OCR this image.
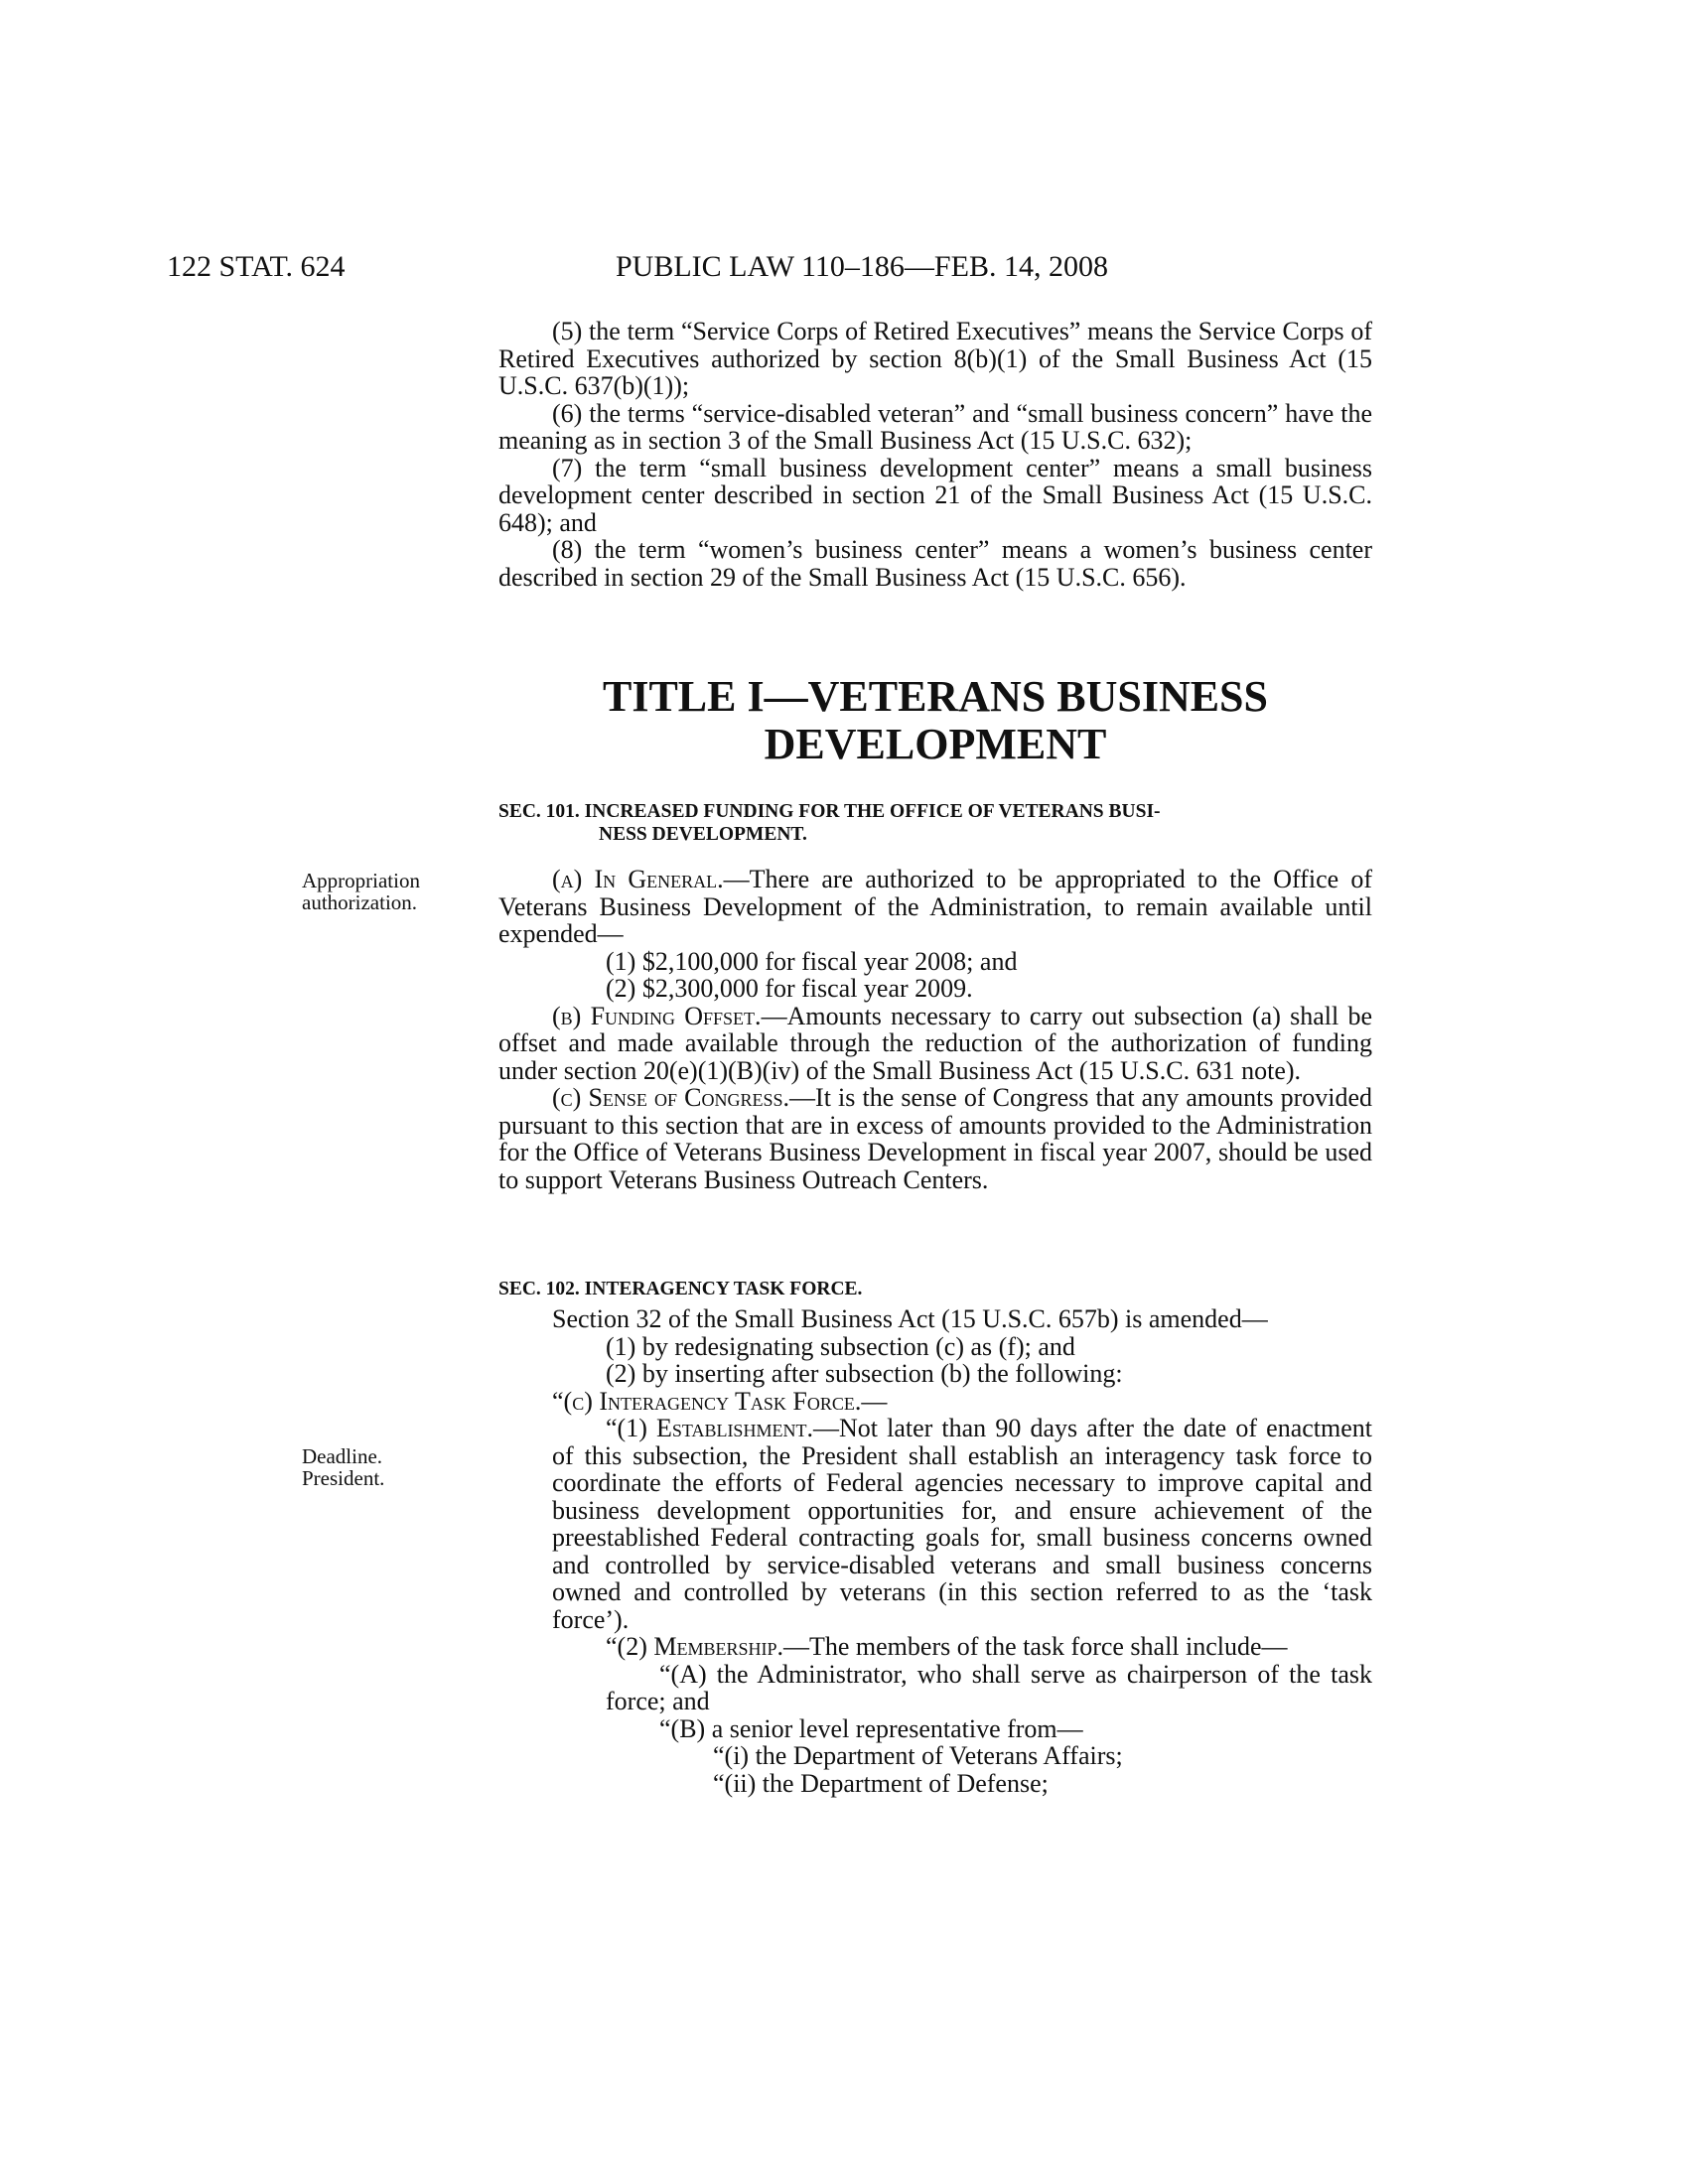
122 STAT. 624	PUBLIC LAW 110–186—FEB. 14, 2008

(5) the term “Service Corps of Retired Executives” means the Service Corps of Retired Executives authorized by section 8(b)(1) of the Small Business Act (15 U.S.C. 637(b)(1));

(6) the terms “service-disabled veteran” and “small business concern” have the meaning as in section 3 of the Small Business Act (15 U.S.C. 632);

(7) the term “small business development center” means a small business development center described in section 21 of the Small Business Act (15 U.S.C. 648); and

(8) the term “women’s business center” means a women’s business center described in section 29 of the Small Business Act (15 U.S.C. 656).

TITLE I—VETERANS BUSINESS
DEVELOPMENT

SEC. 101. INCREASED FUNDING FOR THE OFFICE OF VETERANS BUSI-
NESS DEVELOPMENT.

Appropriation
authorization.

(a) In General.—There are authorized to be appropriated to the Office of Veterans Business Development of the Administration, to remain available until expended—

(1) $2,100,000 for fiscal year 2008; and

(2) $2,300,000 for fiscal year 2009.

(b) Funding Offset.—Amounts necessary to carry out subsection (a) shall be offset and made available through the reduction of the authorization of funding under section 20(e)(1)(B)(iv) of the Small Business Act (15 U.S.C. 631 note).

(c) Sense of Congress.—It is the sense of Congress that any amounts provided pursuant to this section that are in excess of amounts provided to the Administration for the Office of Veterans Business Development in fiscal year 2007, should be used to support Veterans Business Outreach Centers.

SEC. 102. INTERAGENCY TASK FORCE.

Deadline.
President.

Section 32 of the Small Business Act (15 U.S.C. 657b) is amended—

(1) by redesignating subsection (c) as (f); and

(2) by inserting after subsection (b) the following:

“(c) Interagency Task Force.—

“(1) Establishment.—Not later than 90 days after the date of enactment of this subsection, the President shall establish an interagency task force to coordinate the efforts of Federal agencies necessary to improve capital and business development opportunities for, and ensure achievement of the preestablished Federal contracting goals for, small business concerns owned and controlled by service-disabled veterans and small business concerns owned and controlled by veterans (in this section referred to as the ‘task force’).

“(2) Membership.—The members of the task force shall include—

“(A) the Administrator, who shall serve as chairperson of the task force; and

“(B) a senior level representative from—

“(i) the Department of Veterans Affairs;

“(ii) the Department of Defense;
